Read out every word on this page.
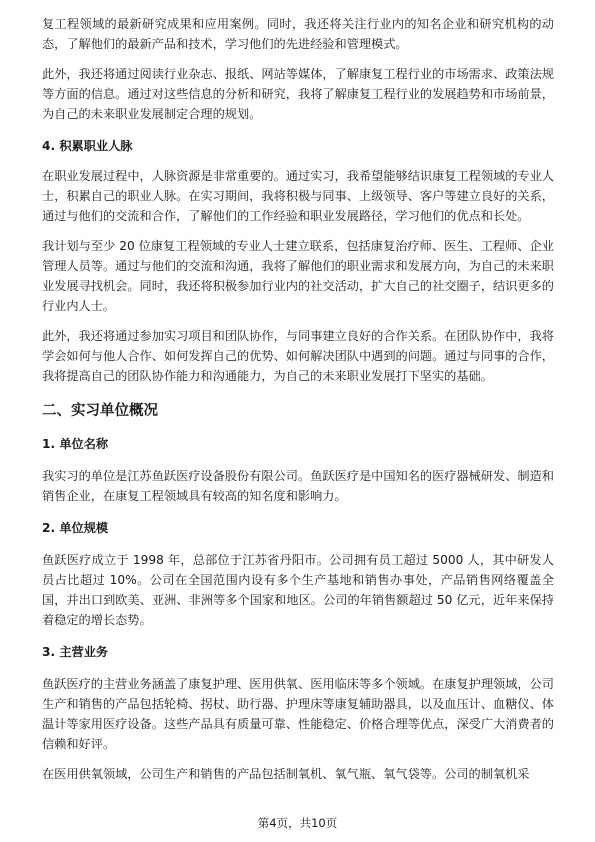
复工程领域的最新研究成果和应用案例。同时，我还将关注行业内的知名企业和研究机构的动态，了解他们的最新产品和技术，学习他们的先进经验和管理模式。

此外，我还将通过阅读行业杂志、报纸、网站等媒体，了解康复工程行业的市场需求、政策法规等方面的信息。通过对这些信息的分析和研究，我将了解康复工程行业的发展趋势和市场前景，为自己的未来职业发展制定合理的规划。

4. 积累职业人脉

在职业发展过程中，人脉资源是非常重要的。通过实习，我希望能够结识康复工程领域的专业人士，积累自己的职业人脉。在实习期间，我将积极与同事、上级领导、客户等建立良好的关系，通过与他们的交流和合作，了解他们的工作经验和职业发展路径，学习他们的优点和长处。

我计划与至少 20 位康复工程领域的专业人士建立联系，包括康复治疗师、医生、工程师、企业管理人员等。通过与他们的交流和沟通，我将了解他们的职业需求和发展方向，为自己的未来职业发展寻找机会。同时，我还将积极参加行业内的社交活动，扩大自己的社交圈子，结识更多的行业内人士。

此外，我还将通过参加实习项目和团队协作，与同事建立良好的合作关系。在团队协作中，我将学会如何与他人合作、如何发挥自己的优势、如何解决团队中遇到的问题。通过与同事的合作，我将提高自己的团队协作能力和沟通能力，为自己的未来职业发展打下坚实的基础。

二、实习单位概况
1. 单位名称

我实习的单位是江苏鱼跃医疗设备股份有限公司。鱼跃医疗是中国知名的医疗器械研发、制造和销售企业，在康复工程领域具有较高的知名度和影响力。

2. 单位规模

鱼跃医疗成立于 1998 年，总部位于江苏省丹阳市。公司拥有员工超过 5000 人，其中研发人员占比超过 10%。公司在全国范围内设有多个生产基地和销售办事处，产品销售网络覆盖全国，并出口到欧美、亚洲、非洲等多个国家和地区。公司的年销售额超过 50 亿元，近年来保持着稳定的增长态势。

3. 主营业务

鱼跃医疗的主营业务涵盖了康复护理、医用供氧、医用临床等多个领域。在康复护理领域，公司生产和销售的产品包括轮椅、拐杖、助行器、护理床等康复辅助器具，以及血压计、血糖仪、体温计等家用医疗设备。这些产品具有质量可靠、性能稳定、价格合理等优点，深受广大消费者的信赖和好评。

在医用供氧领域，公司生产和销售的产品包括制氧机、氧气瓶、氧气袋等。公司的制氧机采

第4页，共10页
